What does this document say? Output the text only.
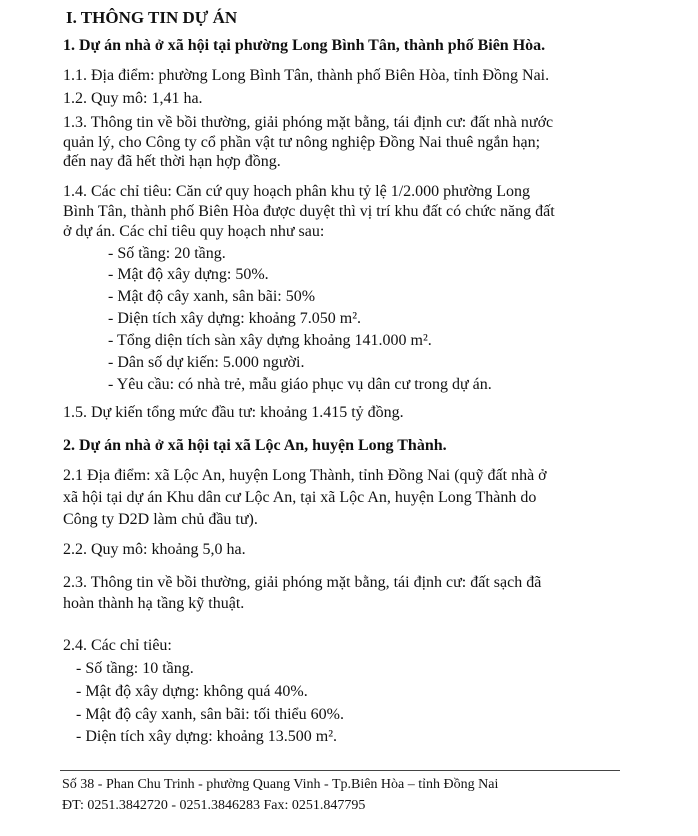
I. THÔNG TIN DỰ ÁN
1. Dự án nhà ở xã hội tại phường Long Bình Tân, thành phố Biên Hòa.
1.1. Địa điểm: phường Long Bình Tân, thành phố Biên Hòa, tỉnh Đồng Nai.
1.2. Quy mô: 1,41 ha.
1.3. Thông tin về bồi thường, giải phóng mặt bằng, tái định cư: đất nhà nước
quản lý, cho Công ty cổ phần vật tư nông nghiệp Đồng Nai thuê ngắn hạn;
đến nay đã hết thời hạn hợp đồng.
1.4. Các chỉ tiêu: Căn cứ quy hoạch phân khu tỷ lệ 1/2.000 phường Long
Bình Tân, thành phố Biên Hòa được duyệt thì vị trí khu đất có chức năng đất
ở dự án. Các chỉ tiêu quy hoạch như sau:
- Số tầng: 20 tầng.
- Mật độ xây dựng: 50%.
- Mật độ cây xanh, sân bãi: 50%
- Diện tích xây dựng: khoảng 7.050 m².
- Tổng diện tích sàn xây dựng khoảng 141.000 m².
- Dân số dự kiến: 5.000 người.
- Yêu cầu: có nhà trẻ, mẫu giáo phục vụ dân cư trong dự án.
1.5. Dự kiến tổng mức đầu tư: khoảng 1.415 tỷ đồng.
2. Dự án nhà ở xã hội tại xã Lộc An, huyện Long Thành.
2.1 Địa điểm: xã Lộc An, huyện Long Thành, tỉnh Đồng Nai (quỹ đất nhà ở
xã hội tại dự án Khu dân cư Lộc An, tại xã Lộc An, huyện Long Thành do
Công ty D2D làm chủ đầu tư).
2.2. Quy mô: khoảng 5,0 ha.
2.3. Thông tin về bồi thường, giải phóng mặt bằng, tái định cư: đất sạch đã
hoàn thành hạ tầng kỹ thuật.
2.4. Các chỉ tiêu:
- Số tầng: 10 tầng.
- Mật độ xây dựng: không quá 40%.
- Mật độ cây xanh, sân bãi: tối thiểu 60%.
- Diện tích xây dựng: khoảng 13.500 m².
Số 38 - Phan Chu Trinh - phường Quang Vinh - Tp.Biên Hòa – tỉnh Đồng Nai
ĐT: 0251.3842720 - 0251.3846283 Fax: 0251.847795
